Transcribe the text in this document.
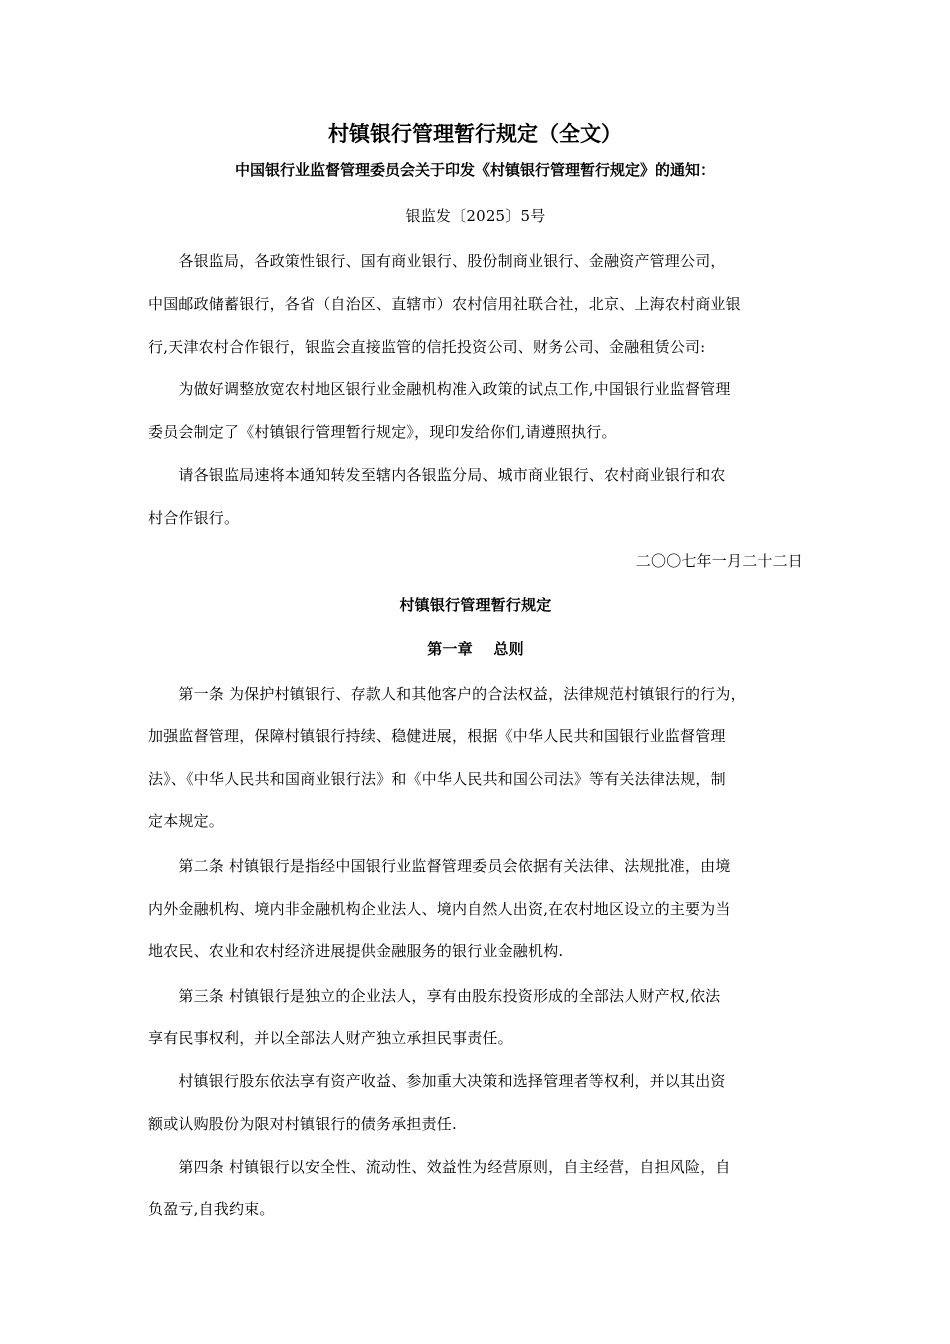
村镇银行管理暂行规定（全文）
中国银行业监督管理委员会关于印发《村镇银行管理暂行规定》的通知：
银监发〔2025〕5号
　　各银监局，各政策性银行、国有商业银行、股份制商业银行、金融资产管理公司，
中国邮政储蓄银行，各省（自治区、直辖市）农村信用社联合社，北京、上海农村商业银
行,天津农村合作银行，银监会直接监管的信托投资公司、财务公司、金融租赁公司:
　　为做好调整放宽农村地区银行业金融机构准入政策的试点工作,中国银行业监督管理
委员会制定了《村镇银行管理暂行规定》，现印发给你们,请遵照执行。
　　请各银监局速将本通知转发至辖内各银监分局、城市商业银行、农村商业银行和农
村合作银行。
二〇〇七年一月二十二日
村镇银行管理暂行规定
第一章　 总则
　　第一条 为保护村镇银行、存款人和其他客户的合法权益，法律规范村镇银行的行为，
加强监督管理，保障村镇银行持续、稳健进展，根据《中华人民共和国银行业监督管理
法》、《中华人民共和国商业银行法》和《中华人民共和国公司法》等有关法律法规，制
定本规定。
　　第二条 村镇银行是指经中国银行业监督管理委员会依据有关法律、法规批准，由境
内外金融机构、境内非金融机构企业法人、境内自然人出资,在农村地区设立的主要为当
地农民、农业和农村经济进展提供金融服务的银行业金融机构.
　　第三条 村镇银行是独立的企业法人，享有由股东投资形成的全部法人财产权,依法
享有民事权利，并以全部法人财产独立承担民事责任。
　　村镇银行股东依法享有资产收益、参加重大决策和选择管理者等权利，并以其出资
额或认购股份为限对村镇银行的债务承担责任.
　　第四条 村镇银行以安全性、流动性、效益性为经营原则，自主经营，自担风险，自
负盈亏,自我约束。
